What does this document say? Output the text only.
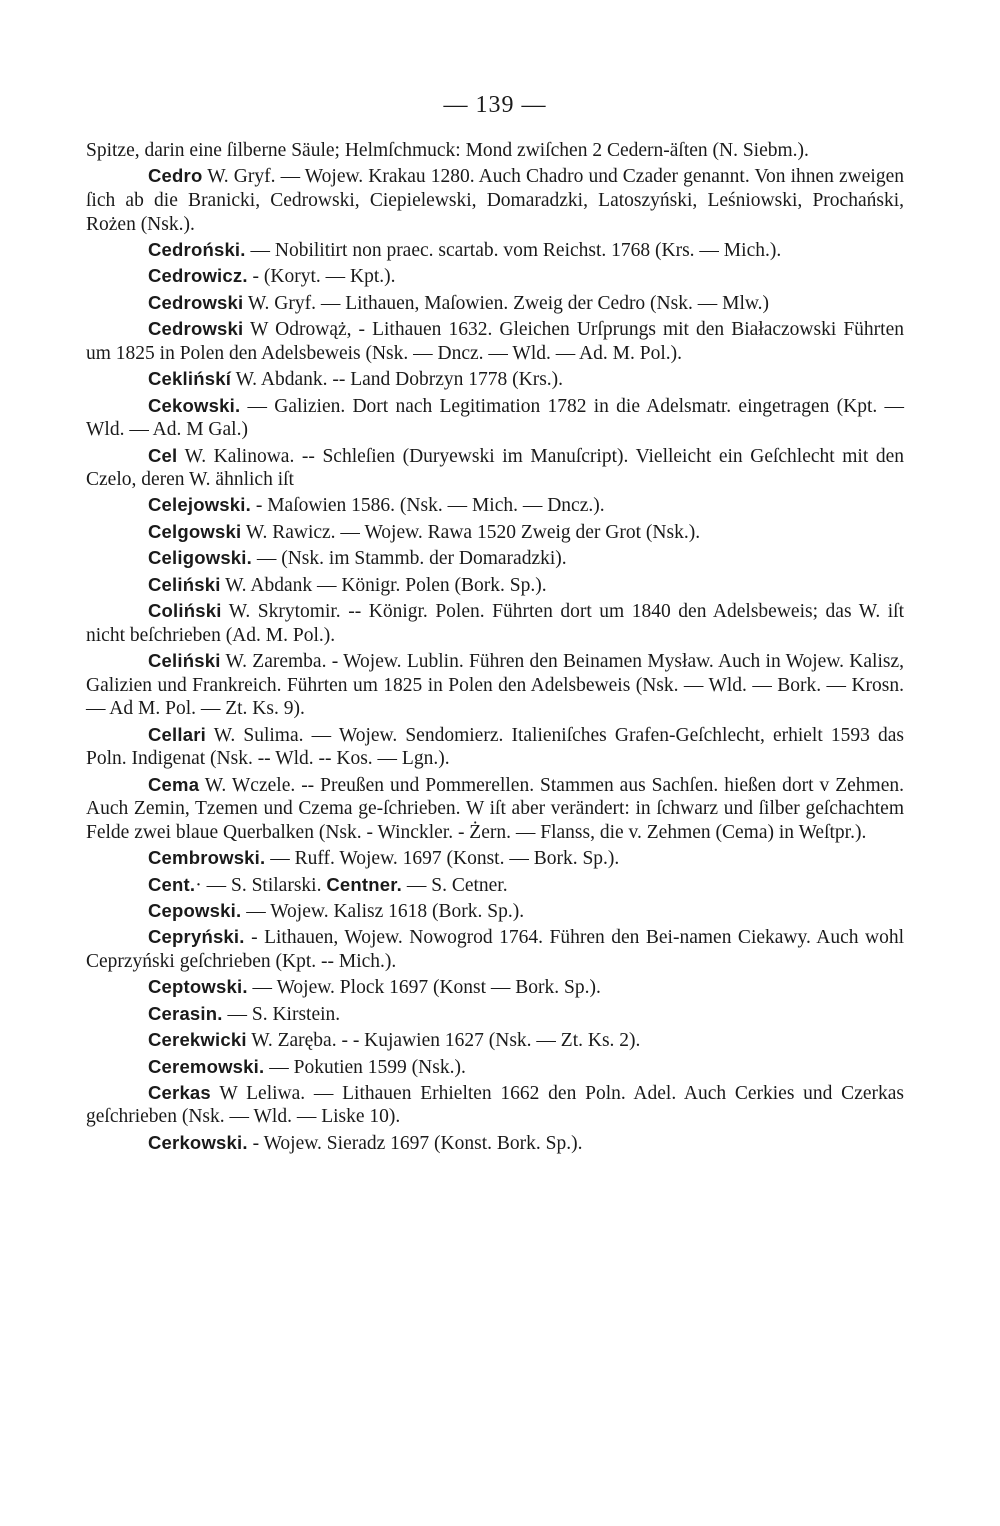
— 139 —

Spitze, darin eine ſilberne Säule; Helmſchmuck: Mond zwiſchen 2 Cedern-äſten (N. Siebm.).

Cedro W. Gryf. — Wojew. Krakau 1280. Auch Chadro und Czader genannt. Von ihnen zweigen ſich ab die Branicki, Cedrowski, Ciepielewski, Domaradzki, Latoszyński, Leśniowski, Prochański, Rożen (Nsk.).

Cedroński. — Nobilitirt non praec. scartab. vom Reichst. 1768 (Krs. — Mich.).

Cedrowicz. - (Koryt. — Kpt.).

Cedrowski W. Gryf. — Lithauen, Maſowien. Zweig der Cedro (Nsk. — Mlw.)

Cedrowski W Odrowąż, - Lithauen 1632. Gleichen Urſprungs mit den Białaczowski Führten um 1825 in Polen den Adelsbeweis (Nsk. — Dncz. — Wld. — Ad. M. Pol.).

Ceklińskí W. Abdank. -- Land Dobrzyn 1778 (Krs.).

Cekowski. — Galizien. Dort nach Legitimation 1782 in die Adelsmatr. eingetragen (Kpt. — Wld. — Ad. M Gal.)

Cel W. Kalinowa. -- Schleſien (Duryewski im Manuſcript). Vielleicht ein Geſchlecht mit den Czelo, deren W. ähnlich iſt

Celejowski. - Maſowien 1586. (Nsk. — Mich. — Dncz.).

Celgowski W. Rawicz. — Wojew. Rawa 1520 Zweig der Grot (Nsk.).

Celigowski. — (Nsk. im Stammb. der Domaradzki).

Celiński W. Abdank — Königr. Polen (Bork. Sp.).

Coliński W. Skrytomir. -- Königr. Polen. Führten dort um 1840 den Adelsbeweis; das W. iſt nicht beſchrieben (Ad. M. Pol.).

Celiński W. Zaremba. - Wojew. Lublin. Führen den Beinamen Mysław. Auch in Wojew. Kalisz, Galizien und Frankreich. Führten um 1825 in Polen den Adelsbeweis (Nsk. — Wld. — Bork. — Krosn. — Ad M. Pol. — Zt. Ks. 9).

Cellari W. Sulima. — Wojew. Sendomierz. Italieniſches Grafen-Geſchlecht, erhielt 1593 das Poln. Indigenat (Nsk. -- Wld. -- Kos. — Lgn.).

Cema W. Wczele. -- Preußen und Pommerellen. Stammen aus Sachſen. hießen dort v Zehmen. Auch Zemin, Tzemen und Czema ge-ſchrieben. W iſt aber verändert: in ſchwarz und ſilber geſchachtem Felde zwei blaue Querbalken (Nsk. - Winckler. - Żern. — Flanss, die v. Zehmen (Cema) in Weſtpr.).

Cembrowski. — Ruff. Wojew. 1697 (Konst. — Bork. Sp.).

Cent.· — S. Stilarski. Centner. — S. Cetner.

Cepowski. — Wojew. Kalisz 1618 (Bork. Sp.).

Cepryński. - Lithauen, Wojew. Nowogrod 1764. Führen den Bei-namen Ciekawy. Auch wohl Ceprzyński geſchrieben (Kpt. -- Mich.).

Ceptowski. — Wojew. Plock 1697 (Konst — Bork. Sp.).

Cerasin. — S. Kirstein.

Cerekwicki W. Zaręba. - - Kujawien 1627 (Nsk. — Zt. Ks. 2).

Ceremowski. — Pokutien 1599 (Nsk.).

Cerkas W Leliwa. — Lithauen Erhielten 1662 den Poln. Adel. Auch Cerkies und Czerkas geſchrieben (Nsk. — Wld. — Liske 10).

Cerkowski. - Wojew. Sieradz 1697 (Konst. Bork. Sp.).
